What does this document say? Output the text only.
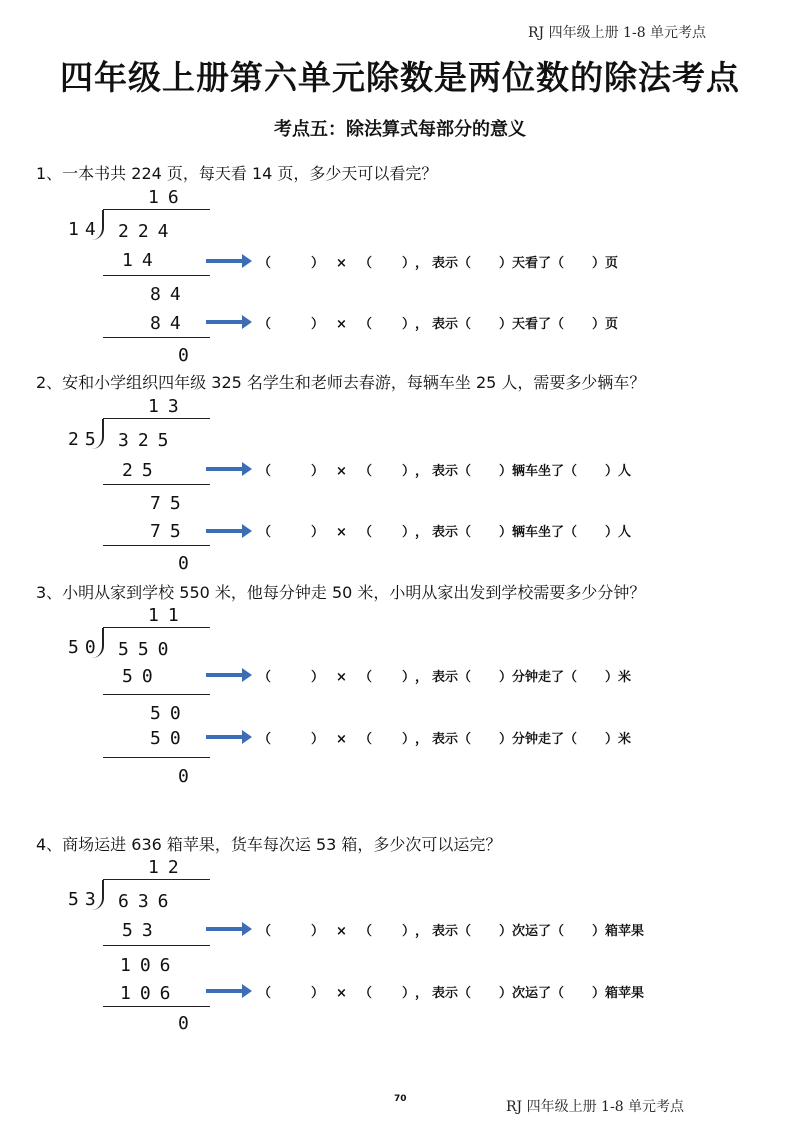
RJ 四年级上册 1-8 单元考点
四年级上册第六单元除数是两位数的除法考点
考点五：除法算式每部分的意义
1、一本书共 224 页，每天看 14 页，多少天可以看完？
16
14 224
14	（	） × （ ）， 表示（ ）天看了（ ）页
84
84	（	） × （ ）， 表示（ ）天看了（ ）页
0
2、安和小学组织四年级 325 名学生和老师去春游，每辆车坐 25 人，需要多少辆车？
13
25 325
25	（	） × （ ）， 表示（ ）辆车坐了（ ）人
75
75	（	） × （ ）， 表示（ ）辆车坐了（ ）人
0
3、小明从家到学校 550 米，他每分钟走 50 米，小明从家出发到学校需要多少分钟？
11
50 550
50	（	） × （ ）， 表示（ ）分钟走了（ ）米
50
50	（	） × （ ）， 表示（ ）分钟走了（ ）米
0
4、商场运进 636 箱苹果，货车每次运 53 箱，多少次可以运完？
12
53 636
53	（	） × （ ）， 表示（ ）次运了（ ）箱苹果
106
106	（	） × （ ）， 表示（ ）次运了（ ）箱苹果
0
70	RJ 四年级上册 1-8 单元考点
